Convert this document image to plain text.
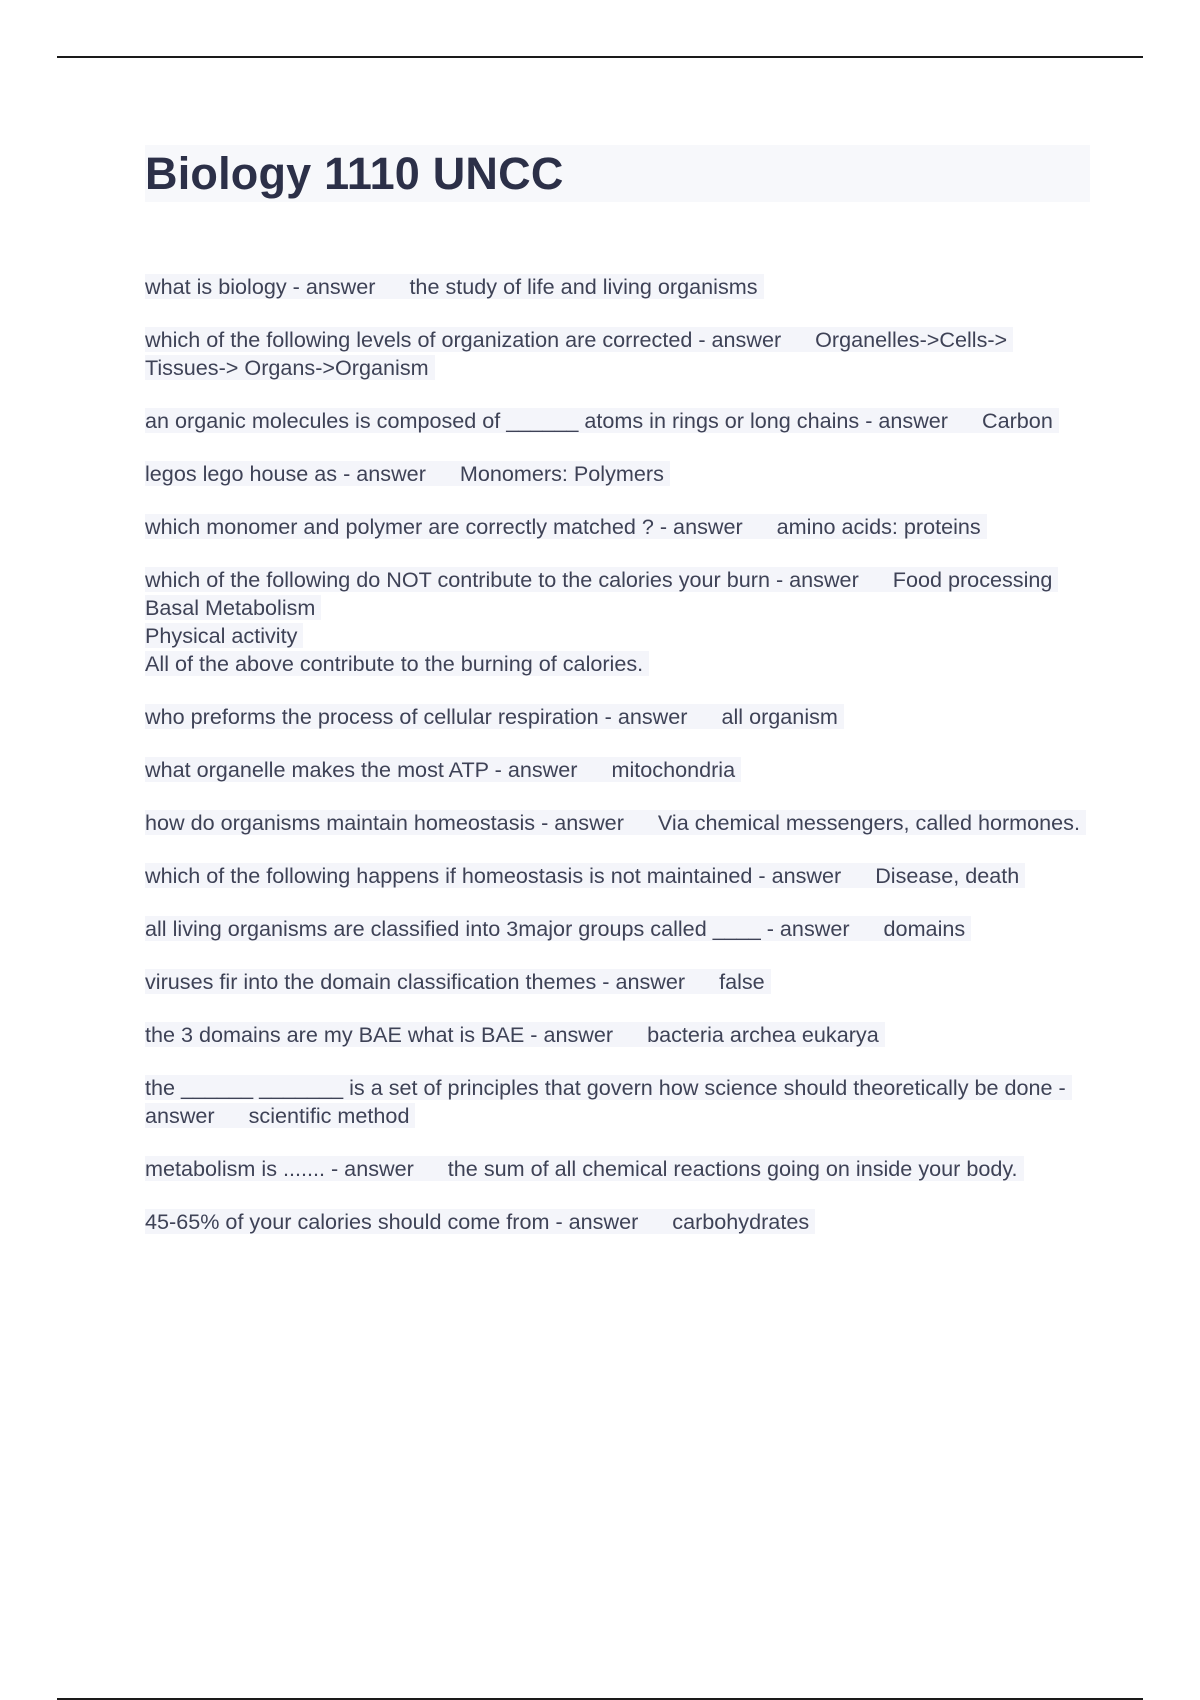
Biology 1110 UNCC

what is biology - answer the study of life and living organisms

which of the following levels of organization are corrected - answer Organelles->Cells-> Tissues-> Organs->Organism

an organic molecules is composed of ______ atoms in rings or long chains - answer Carbon

legos lego house as - answer Monomers: Polymers

which monomer and polymer are correctly matched ? - answer amino acids: proteins

which of the following do NOT contribute to the calories your burn - answer Food processing
Basal Metabolism
Physical activity
All of the above contribute to the burning of calories.

who preforms the process of cellular respiration - answer all organism

what organelle makes the most ATP - answer mitochondria

how do organisms maintain homeostasis - answer Via chemical messengers, called hormones.

which of the following happens if homeostasis is not maintained - answer Disease, death

all living organisms are classified into 3major groups called ____ - answer domains

viruses fir into the domain classification themes - answer false

the 3 domains are my BAE what is BAE - answer bacteria archea eukarya

the ______ _______ is a set of principles that govern how science should theoretically be done - answer scientific method

metabolism is ....... - answer the sum of all chemical reactions going on inside your body.

45-65% of your calories should come from - answer carbohydrates
